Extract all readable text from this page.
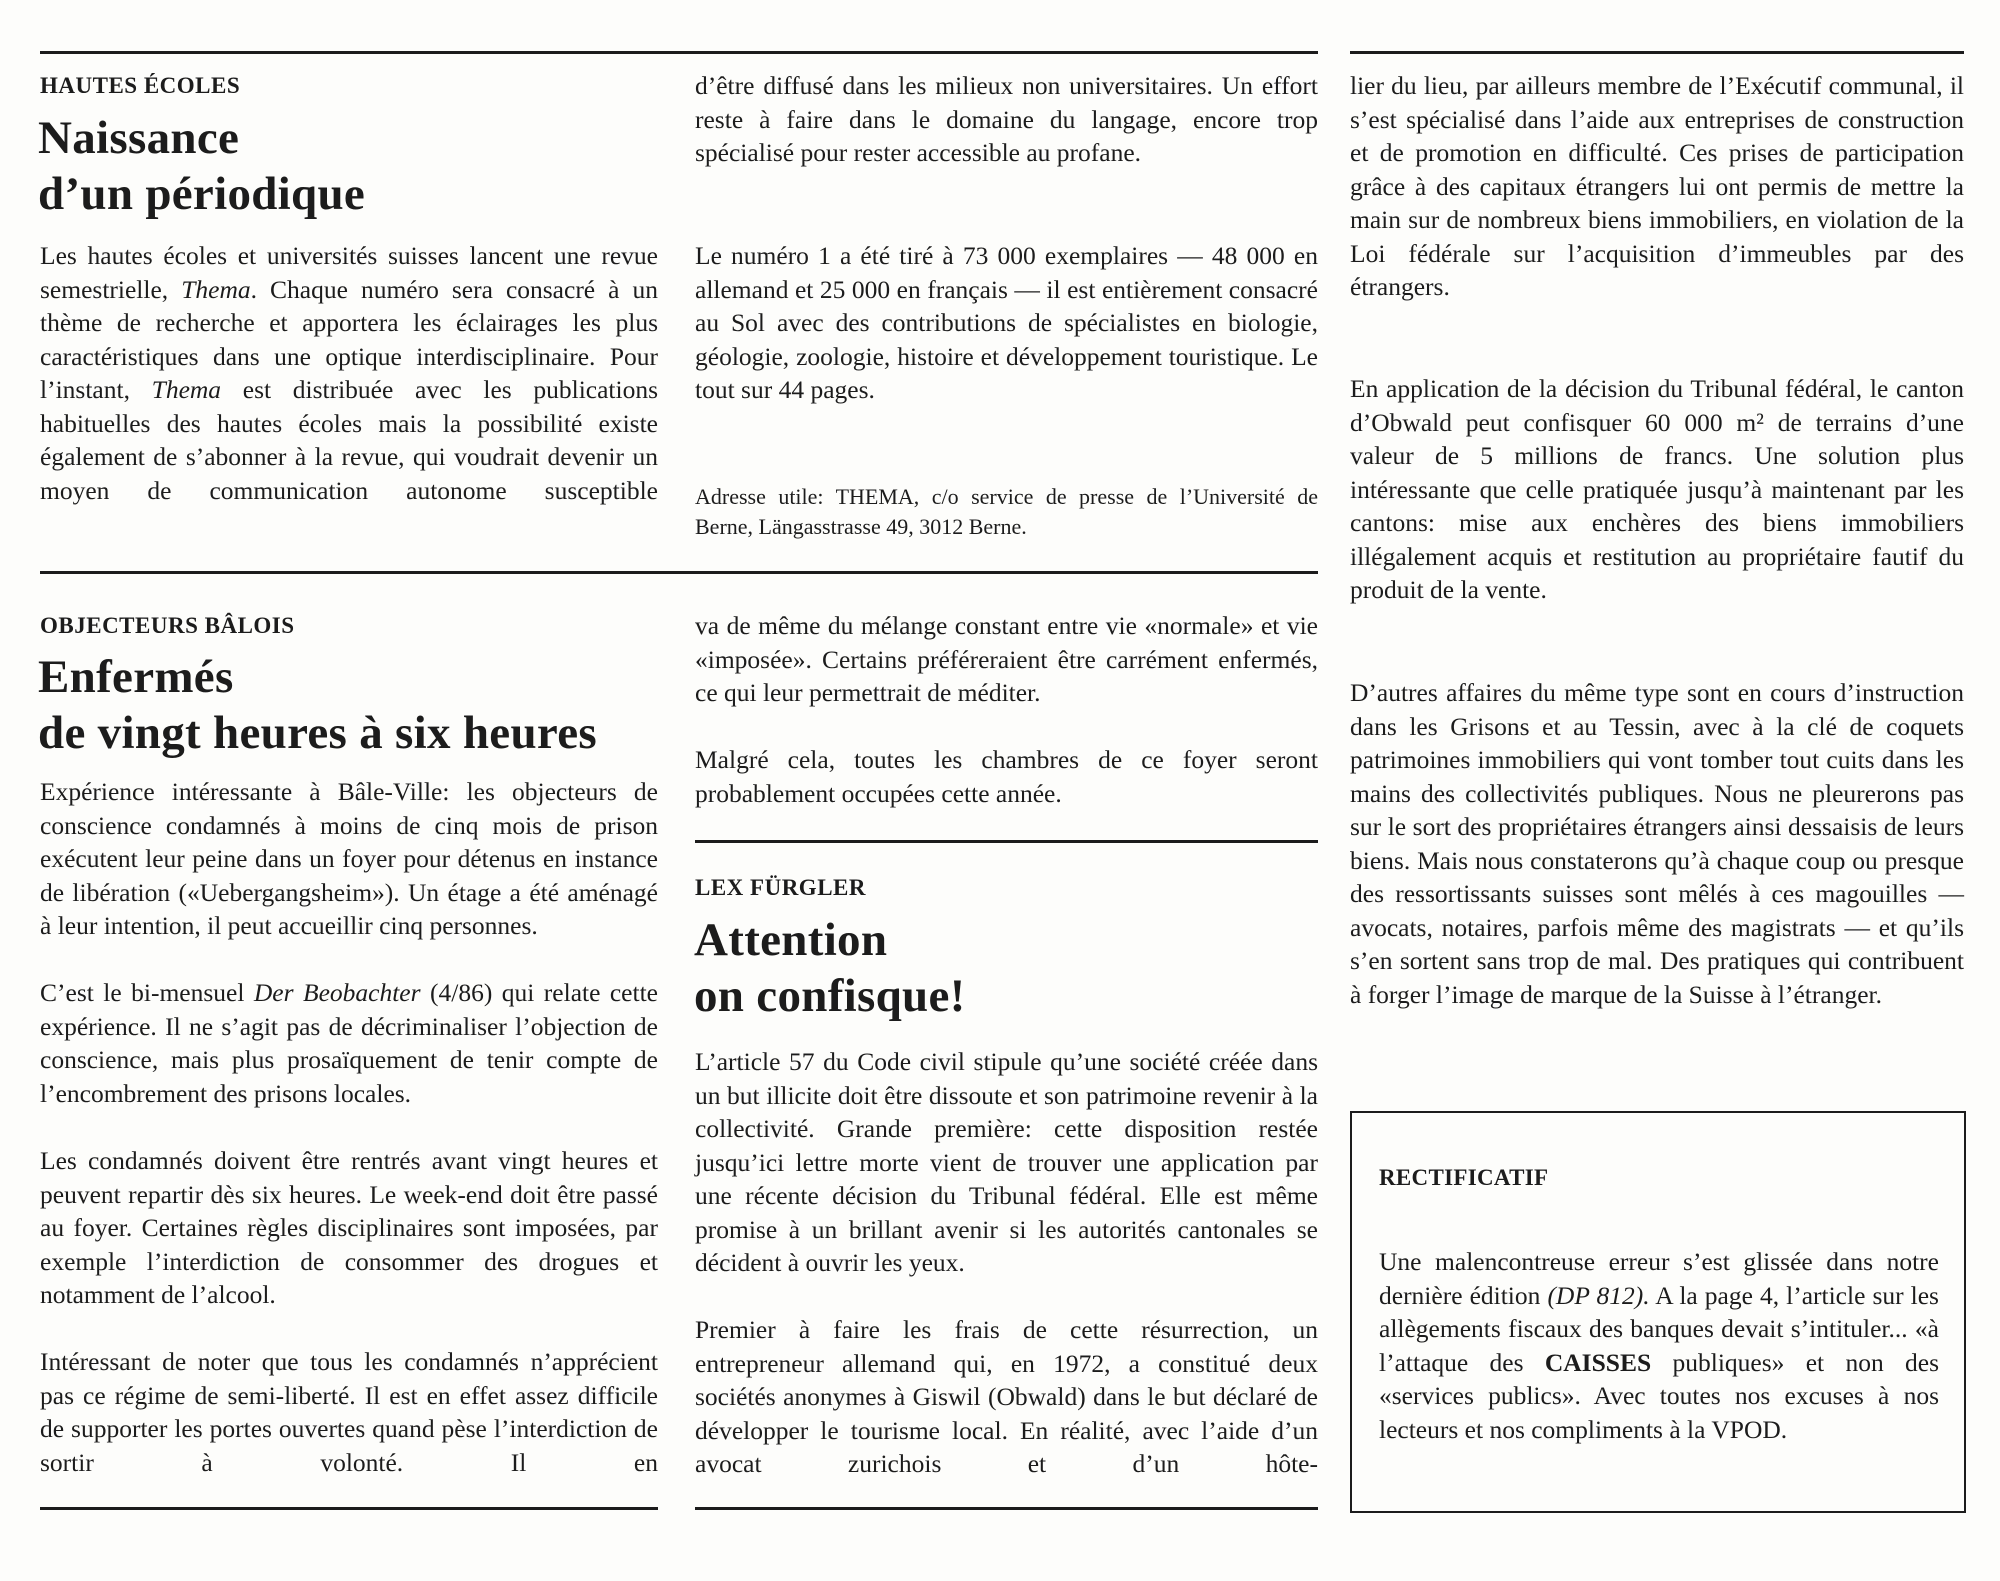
HAUTES ÉCOLES

Naissance
d’un périodique

Les hautes écoles et universités suisses lancent une revue semestrielle, Thema. Chaque numéro sera consacré à un thème de recherche et apportera les éclairages les plus caractéristiques dans une optique interdisciplinaire. Pour l’instant, Thema est distribuée avec les publications habituelles des hautes écoles mais la possibilité existe également de s’abonner à la revue, qui voudrait devenir un moyen de communication autonome susceptible

d’être diffusé dans les milieux non universitaires. Un effort reste à faire dans le domaine du langage, encore trop spécialisé pour rester accessible au profane.

Le numéro 1 a été tiré à 73 000 exemplaires — 48 000 en allemand et 25 000 en français — il est entièrement consacré au Sol avec des contributions de spécialistes en biologie, géologie, zoologie, histoire et développement touristique. Le tout sur 44 pages.

Adresse utile: THEMA, c/o service de presse de l’Université de Berne, Längasstrasse 49, 3012 Berne.

OBJECTEURS BÂLOIS

Enfermés
de vingt heures à six heures

Expérience intéressante à Bâle-Ville: les objecteurs de conscience condamnés à moins de cinq mois de prison exécutent leur peine dans un foyer pour détenus en instance de libération («Uebergangsheim»). Un étage a été aménagé à leur intention, il peut accueillir cinq personnes.

C’est le bi-mensuel Der Beobachter (4/86) qui relate cette expérience. Il ne s’agit pas de décriminaliser l’objection de conscience, mais plus prosaïquement de tenir compte de l’encombrement des prisons locales.

Les condamnés doivent être rentrés avant vingt heures et peuvent repartir dès six heures. Le week-end doit être passé au foyer. Certaines règles disciplinaires sont imposées, par exemple l’interdiction de consommer des drogues et notamment de l’alcool.

Intéressant de noter que tous les condamnés n’apprécient pas ce régime de semi-liberté. Il est en effet assez difficile de supporter les portes ouvertes quand pèse l’interdiction de sortir à volonté. Il en

va de même du mélange constant entre vie «normale» et vie «imposée». Certains préféreraient être carrément enfermés, ce qui leur permettrait de méditer.

Malgré cela, toutes les chambres de ce foyer seront probablement occupées cette année.

LEX FÜRGLER

Attention
on confisque!

L’article 57 du Code civil stipule qu’une société créée dans un but illicite doit être dissoute et son patrimoine revenir à la collectivité. Grande première: cette disposition restée jusqu’ici lettre morte vient de trouver une application par une récente décision du Tribunal fédéral. Elle est même promise à un brillant avenir si les autorités cantonales se décident à ouvrir les yeux.

Premier à faire les frais de cette résurrection, un entrepreneur allemand qui, en 1972, a constitué deux sociétés anonymes à Giswil (Obwald) dans le but déclaré de développer le tourisme local. En réalité, avec l’aide d’un avocat zurichois et d’un hôte-

lier du lieu, par ailleurs membre de l’Exécutif communal, il s’est spécialisé dans l’aide aux entreprises de construction et de promotion en difficulté. Ces prises de participation grâce à des capitaux étrangers lui ont permis de mettre la main sur de nombreux biens immobiliers, en violation de la Loi fédérale sur l’acquisition d’immeubles par des étrangers.

En application de la décision du Tribunal fédéral, le canton d’Obwald peut confisquer 60 000 m² de terrains d’une valeur de 5 millions de francs. Une solution plus intéressante que celle pratiquée jusqu’à maintenant par les cantons: mise aux enchères des biens immobiliers illégalement acquis et restitution au propriétaire fautif du produit de la vente.

D’autres affaires du même type sont en cours d’instruction dans les Grisons et au Tessin, avec à la clé de coquets patrimoines immobiliers qui vont tomber tout cuits dans les mains des collectivités publiques. Nous ne pleurerons pas sur le sort des propriétaires étrangers ainsi dessaisis de leurs biens. Mais nous constaterons qu’à chaque coup ou presque des ressortissants suisses sont mêlés à ces magouilles — avocats, notaires, parfois même des magistrats — et qu’ils s’en sortent sans trop de mal. Des pratiques qui contribuent à forger l’image de marque de la Suisse à l’étranger.

RECTIFICATIF

Une malencontreuse erreur s’est glissée dans notre dernière édition (DP 812). A la page 4, l’article sur les allègements fiscaux des banques devait s’intituler... «à l’attaque des CAISSES publiques» et non des «services publics». Avec toutes nos excuses à nos lecteurs et nos compliments à la VPOD.
